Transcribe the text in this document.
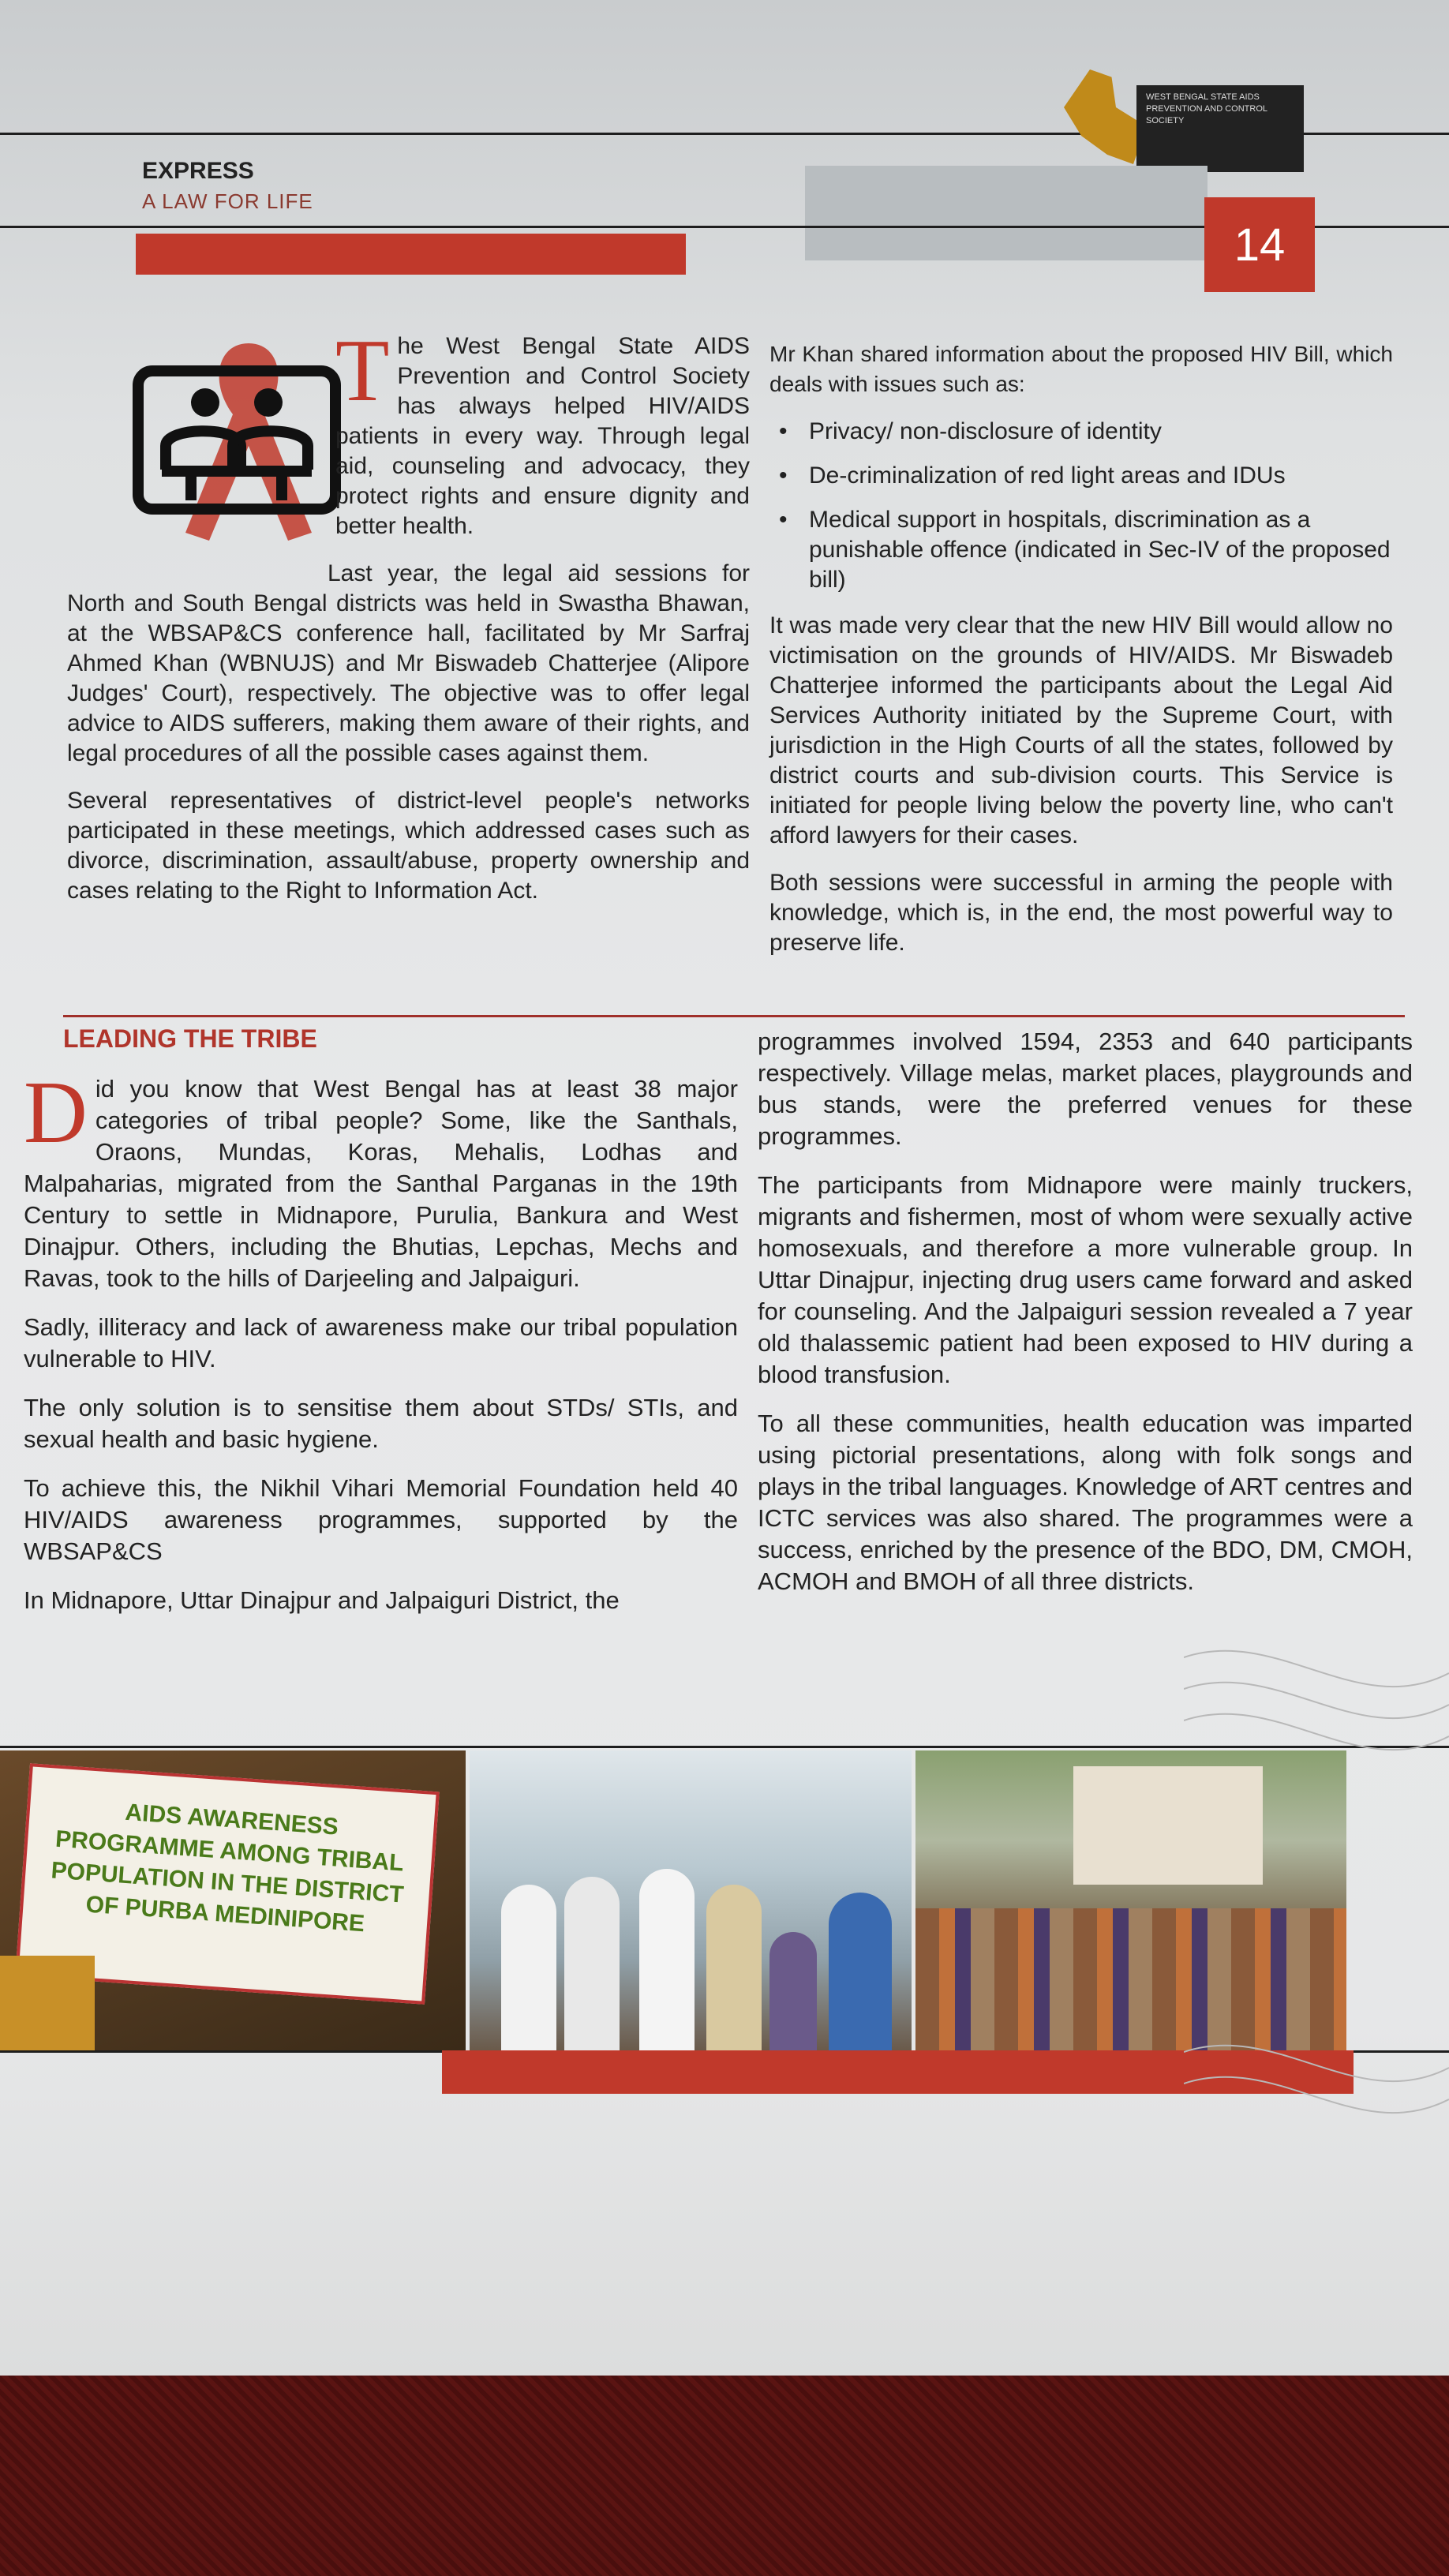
WEST BENGAL STATE AIDS PREVENTION AND CONTROL SOCIETY
EXPRESS
A LAW FOR LIFE
14

T he West Bengal State AIDS Prevention and Control Society has always helped HIV/AIDS patients in every way. Through legal aid, counseling and advocacy, they protect rights and ensure dignity and better health.

Last year, the legal aid sessions for North and South Bengal districts was held in Swastha Bhawan, at the WBSAP&CS conference hall, facilitated by Mr Sarfraj Ahmed Khan (WBNUJS) and Mr Biswadeb Chatterjee (Alipore Judges' Court), respectively. The objective was to offer legal advice to AIDS sufferers, making them aware of their rights, and legal procedures of all the possible cases against them.

Several representatives of district-level people's networks participated in these meetings, which addressed cases such as divorce, discrimination, assault/abuse, property ownership and cases relating to the Right to Information Act.

Mr Khan shared information about the proposed HIV Bill, which deals with issues such as:

• Privacy/ non-disclosure of identity
• De-criminalization of red light areas and IDUs
• Medical support in hospitals, discrimination as a punishable offence (indicated in Sec-IV of the proposed bill)

It was made very clear that the new HIV Bill would allow no victimisation on the grounds of HIV/AIDS. Mr Biswadeb Chatterjee informed the participants about the Legal Aid Services Authority initiated by the Supreme Court, with jurisdiction in the High Courts of all the states, followed by district courts and sub-division courts. This Service is initiated for people living below the poverty line, who can't afford lawyers for their cases.

Both sessions were successful in arming the people with knowledge, which is, in the end, the most powerful way to preserve life.

LEADING THE TRIBE

D id you know that West Bengal has at least 38 major categories of tribal people? Some, like the Santhals, Oraons, Mundas, Koras, Mehalis, Lodhas and Malpaharias, migrated from the Santhal Parganas in the 19th Century to settle in Midnapore, Purulia, Bankura and West Dinajpur. Others, including the Bhutias, Lepchas, Mechs and Ravas, took to the hills of Darjeeling and Jalpaiguri.

Sadly, illiteracy and lack of awareness make our tribal population vulnerable to HIV.

The only solution is to sensitise them about STDs/ STIs, and sexual health and basic hygiene.

To achieve this, the Nikhil Vihari Memorial Foundation held 40 HIV/AIDS awareness programmes, supported by the WBSAP&CS

In Midnapore, Uttar Dinajpur and Jalpaiguri District, the

programmes involved 1594, 2353 and 640 participants respectively. Village melas, market places, playgrounds and bus stands, were the preferred venues for these programmes.

The participants from Midnapore were mainly truckers, migrants and fishermen, most of whom were sexually active homosexuals, and therefore a more vulnerable group. In Uttar Dinajpur, injecting drug users came forward and asked for counseling. And the Jalpaiguri session revealed a 7 year old thalassemic patient had been exposed to HIV during a blood transfusion.

To all these communities, health education was imparted using pictorial presentations, along with folk songs and plays in the tribal languages. Knowledge of ART centres and ICTC services was also shared. The programmes were a success, enriched by the presence of the BDO, DM, CMOH, ACMOH and BMOH of all three districts.

AIDS AWARENESS PROGRAMME AMONG TRIBAL POPULATION IN THE DISTRICT OF PURBA MEDINIPORE
